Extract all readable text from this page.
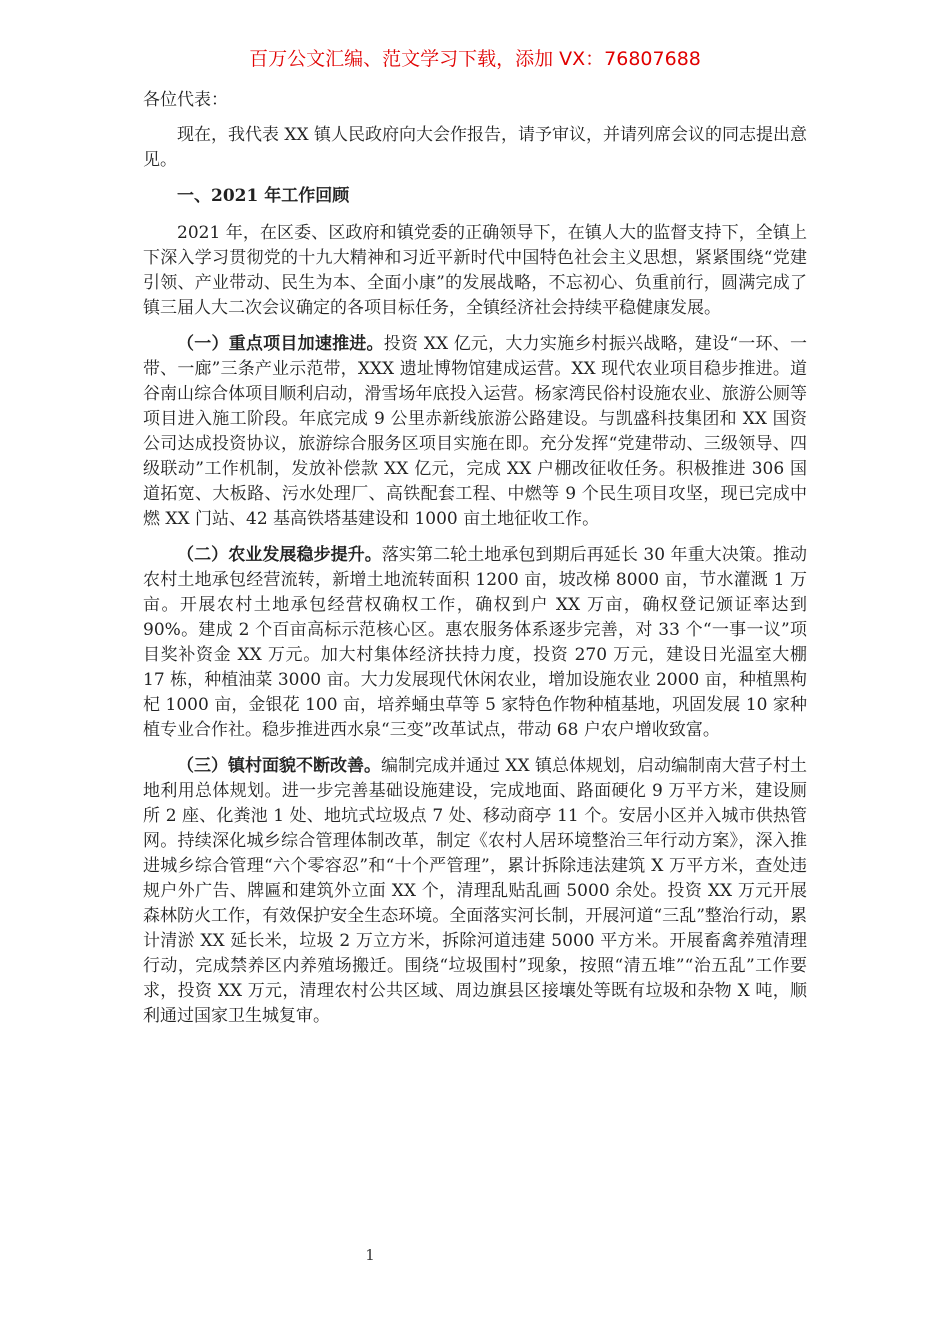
百万公文汇编、范文学习下载，添加 VX：76807688

各位代表：

现在，我代表 XX 镇人民政府向大会作报告，请予审议，并请列席会议的同志提出意见。

一、2021 年工作回顾

2021 年，在区委、区政府和镇党委的正确领导下，在镇人大的监督支持下，全镇上下深入学习贯彻党的十九大精神和习近平新时代中国特色社会主义思想，紧紧围绕“党建引领、产业带动、民生为本、全面小康”的发展战略，不忘初心、负重前行，圆满完成了镇三届人大二次会议确定的各项目标任务，全镇经济社会持续平稳健康发展。

（一）重点项目加速推进。投资 XX 亿元，大力实施乡村振兴战略，建设“一环、一带、一廊”三条产业示范带，XXX 遗址博物馆建成运营。XX 现代农业项目稳步推进。道谷南山综合体项目顺利启动，滑雪场年底投入运营。杨家湾民俗村设施农业、旅游公厕等项目进入施工阶段。年底完成 9 公里赤新线旅游公路建设。与凯盛科技集团和 XX 国资公司达成投资协议，旅游综合服务区项目实施在即。充分发挥“党建带动、三级领导、四级联动”工作机制，发放补偿款 XX 亿元，完成 XX 户棚改征收任务。积极推进 306 国道拓宽、大板路、污水处理厂、高铁配套工程、中燃等 9 个民生项目攻坚，现已完成中燃 XX 门站、42 基高铁塔基建设和 1000 亩土地征收工作。

（二）农业发展稳步提升。落实第二轮土地承包到期后再延长 30 年重大决策。推动农村土地承包经营流转，新增土地流转面积 1200 亩，坡改梯 8000 亩，节水灌溉 1 万亩。开展农村土地承包经营权确权工作，确权到户 XX 万亩，确权登记颁证率达到 90%。建成 2 个百亩高标示范核心区。惠农服务体系逐步完善，对 33 个“一事一议”项目奖补资金 XX 万元。加大村集体经济扶持力度，投资 270 万元，建设日光温室大棚 17 栋，种植油菜 3000 亩。大力发展现代休闲农业，增加设施农业 2000 亩，种植黑枸杞 1000 亩，金银花 100 亩，培养蛹虫草等 5 家特色作物种植基地，巩固发展 10 家种植专业合作社。稳步推进西水泉“三变”改革试点，带动 68 户农户增收致富。

（三）镇村面貌不断改善。编制完成并通过 XX 镇总体规划，启动编制南大营子村土地利用总体规划。进一步完善基础设施建设，完成地面、路面硬化 9 万平方米，建设厕所 2 座、化粪池 1 处、地坑式垃圾点 7 处、移动商亭 11 个。安居小区并入城市供热管网。持续深化城乡综合管理体制改革，制定《农村人居环境整治三年行动方案》，深入推进城乡综合管理“六个零容忍”和“十个严管理”，累计拆除违法建筑 X 万平方米，查处违规户外广告、牌匾和建筑外立面 XX 个，清理乱贴乱画 5000 余处。投资 XX 万元开展森林防火工作，有效保护安全生态环境。全面落实河长制，开展河道“三乱”整治行动，累计清淤 XX 延长米，垃圾 2 万立方米，拆除河道违建 5000 平方米。开展畜禽养殖清理行动，完成禁养区内养殖场搬迁。围绕“垃圾围村”现象，按照“清五堆”“治五乱”工作要求，投资 XX 万元，清理农村公共区域、周边旗县区接壤处等既有垃圾和杂物 X 吨，顺利通过国家卫生城复审。

1
